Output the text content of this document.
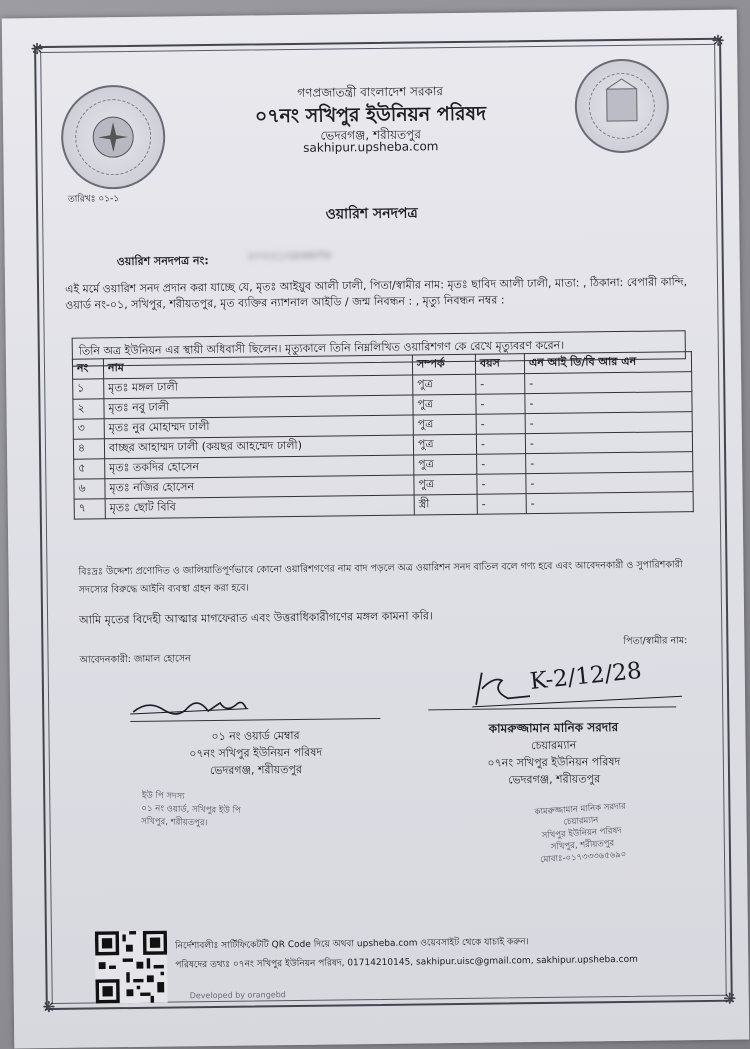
❋	❋
❋	❋
গণপ্রজাতন্ত্রী বাংলাদেশ সরকার
০৭নং সখিপুর ইউনিয়ন পরিষদ
ভেদরগঞ্জ, শরীয়তপুর
sakhipur.upsheba.com
তারিখঃ ০১-১
ওয়ারিশ সনদপত্র
ওয়ারিশ সনদপত্র নং:	২০২২১২৮৬৬৭৮
এই মর্মে ওয়ারিশ সনদ প্রদান করা যাচ্ছে যে, মৃতঃ আইয়ুব আলী ঢালী, পিতা/স্বামীর নাম: মৃতঃ ছাবিদ আলী ঢালী, মাতা: , ঠিকানা: বেপারী কান্দি, ওয়ার্ড নং-০১, সখিপুর, শরীয়তপুর, মৃত ব্যক্তির ন্যাশনাল আইডি / জন্ম নিবন্ধন : , মৃত্যু নিবন্ধন নম্বর :
তিনি অত্র ইউনিয়ন এর স্থায়ী অধিবাসী ছিলেন। মৃত্যুকালে তিনি নিম্নলিখিত ওয়ারিশগণ কে রেখে মৃত্যুবরণ করেন।
নং	নাম	সম্পর্ক	বয়স	এন আই ডি/বি আর এন
১	মৃতঃ মঙ্গল ঢালী	পুত্র	-	-
২	মৃতঃ নবু ঢালী	পুত্র	-	-
৩	মৃতঃ নুর মোহাম্মদ ঢালী	পুত্র	-	-
৪	বাচ্ছর আহাম্মদ ঢালী (কয়ছর আহম্মেদ ঢালী)	পুত্র	-	-
৫	মৃতঃ তকদির হোসেন	পুত্র	-	-
৬	মৃতঃ নজির হোসেন	পুত্র	-	-
৭	মৃতঃ ছোট বিবি	স্ত্রী	-	-
বিঃদ্রঃ উদ্দেশ্য প্রণোদিত ও জালিয়াতিপূর্ণভাবে কোনো ওয়ারিশগণের নাম বাদ পড়লে অত্র ওয়ারিশন সনদ বাতিল বলে গণ্য হবে এবং আবেদনকারী ও সুপারিশকারী সদস্যের বিরুদ্ধে আইনি ব্যবস্থা গ্রহন করা হবে।
আমি মৃতের বিদেহী আত্মার মাগফেরাত এবং উত্তরাধিকারীগণের মঙ্গল কামনা করি।
পিতা/স্বামীর নাম:
আবেদনকারী: জামাল হোসেন	K-2/12/28
০১ নং ওয়ার্ড মেম্বার
০৭নং সখিপুর ইউনিয়ন পরিষদ
ভেদরগঞ্জ, শরীয়তপুর
কামরুজ্জামান মানিক সরদার
চেয়ারম্যান
০৭নং সখিপুর ইউনিয়ন পরিষদ
ভেদরগঞ্জ, শরীয়তপুর
ইউ পি সদস্য
০১ নং ওয়ার্ড, সখিপুর ইউ পি
সখিপুর, শরীয়তপুর।
কামরুজ্জামান মানিক সরদার
চেয়ারম্যান
সখিপুর ইউনিয়ন পরিষদ
সখিপুর, শরীয়তপুর
মোবাঃ-০১৭৩৩৩৬৫৬৯০
নির্দেশাবলীঃ সার্টিফিকেটটি QR Code দিয়ে অথবা upsheba.com ওয়েবসাইট থেকে যাচাই করুন।
পরিষদের তথ্যঃ ০৭নং সখিপুর ইউনিয়ন পরিষদ, 01714210145, sakhipur.uisc@gmail.com, sakhipur.upsheba.com
Developed by orangebd
